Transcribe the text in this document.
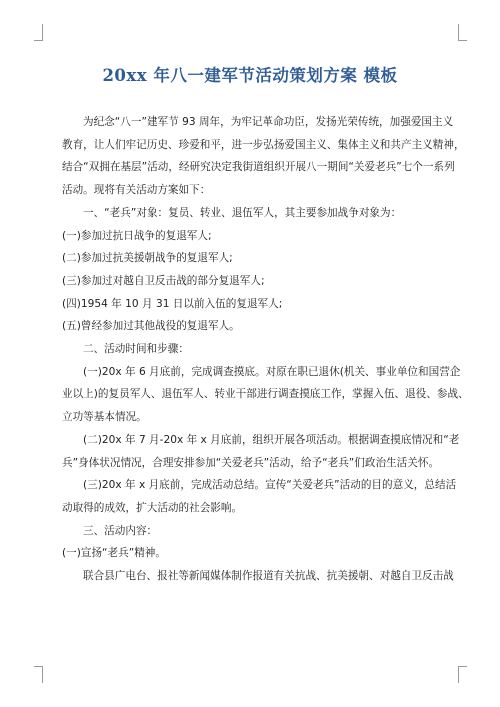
20xx 年八一建军节活动策划方案 模板

为纪念“八一”建军节 93 周年，为牢记革命功臣，发扬光荣传统，加强爱国主义

教育，让人们牢记历史、珍爱和平，进一步弘扬爱国主义、集体主义和共产主义精神，

结合“双拥在基层”活动，经研究决定我街道组织开展八一期间“关爱老兵”七个一系列

活动。现将有关活动方案如下：

一、“老兵”对象：复员、转业、退伍军人，其主要参加战争对象为：

(一)参加过抗日战争的复退军人;

(二)参加过抗美援朝战争的复退军人;

(三)参加过对越自卫反击战的部分复退军人;

(四)1954 年 10 月 31 日以前入伍的复退军人;

(五)曾经参加过其他战役的复退军人。

二、活动时间和步骤：

(一)20x 年 6 月底前，完成调查摸底。对原在职已退休(机关、事业单位和国营企

业以上)的复员军人、退伍军人、转业干部进行调查摸底工作，掌握入伍、退役、参战、

立功等基本情况。

(二)20x 年 7 月-20x 年 x 月底前，组织开展各项活动。根据调查摸底情况和“老

兵”身体状况情况，合理安排参加“关爱老兵”活动，给予“老兵”们政治生活关怀。

(三)20x 年 x 月底前，完成活动总结。宣传“关爱老兵”活动的目的意义，总结活

动取得的成效，扩大活动的社会影响。

三、活动内容：

(一)宣扬“老兵”精神。

联合县广电台、报社等新闻媒体制作报道有关抗战、抗美援朝、对越自卫反击战
